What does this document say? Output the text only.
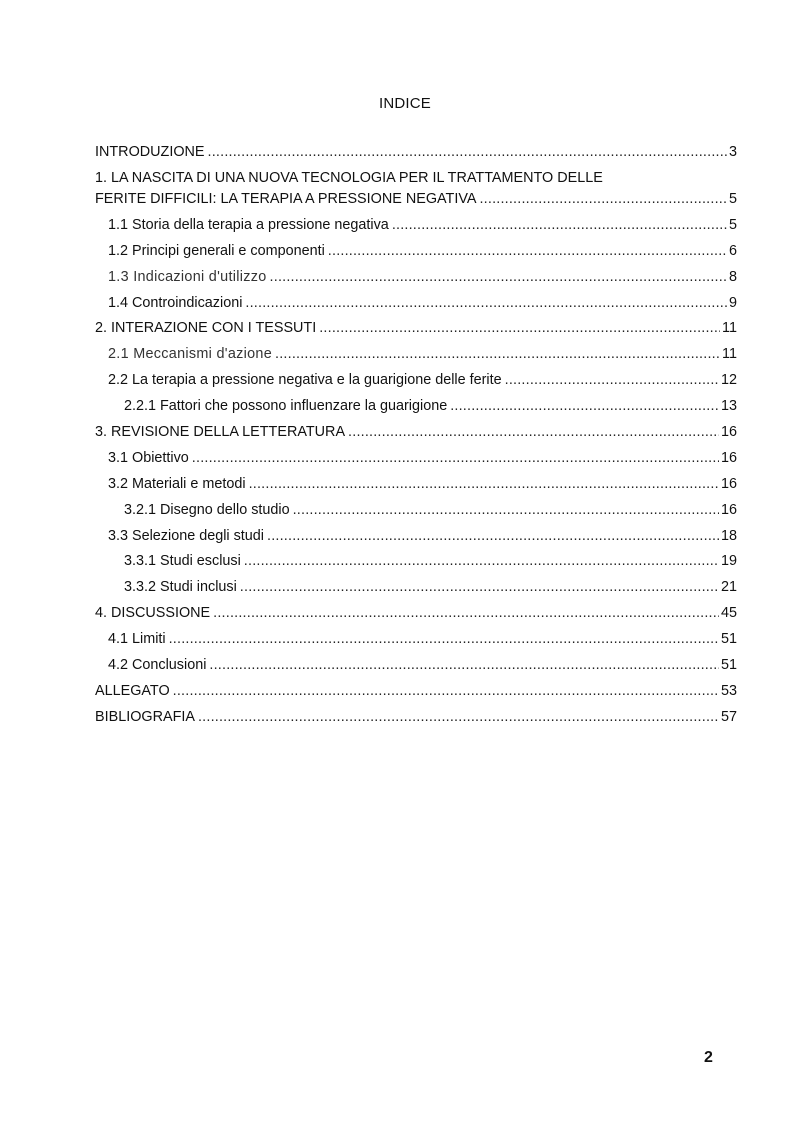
INDICE
INTRODUZIONE .....	3
1. LA NASCITA DI UNA NUOVA TECNOLOGIA PER IL TRATTAMENTO DELLE
FERITE DIFFICILI: LA TERAPIA A PRESSIONE NEGATIVA .....	5
1.1 Storia della terapia a pressione negativa .....	5
1.2 Principi generali e componenti .....	6
1.3 Indicazioni d'utilizzo .....	8
1.4 Controindicazioni .....	9
2. INTERAZIONE CON I TESSUTI .....	11
2.1 Meccanismi d'azione .....	11
2.2 La terapia a pressione negativa e la guarigione delle ferite .....	12
2.2.1 Fattori che possono influenzare la guarigione .....	13
3. REVISIONE DELLA LETTERATURA .....	16
3.1 Obiettivo .....	16
3.2 Materiali e metodi .....	16
3.2.1 Disegno dello studio .....	16
3.3 Selezione degli studi .....	18
3.3.1 Studi esclusi .....	19
3.3.2 Studi inclusi .....	21
4. DISCUSSIONE .....	45
4.1 Limiti .....	51
4.2 Conclusioni .....	51
ALLEGATO .....	53
BIBLIOGRAFIA .....	57
2
